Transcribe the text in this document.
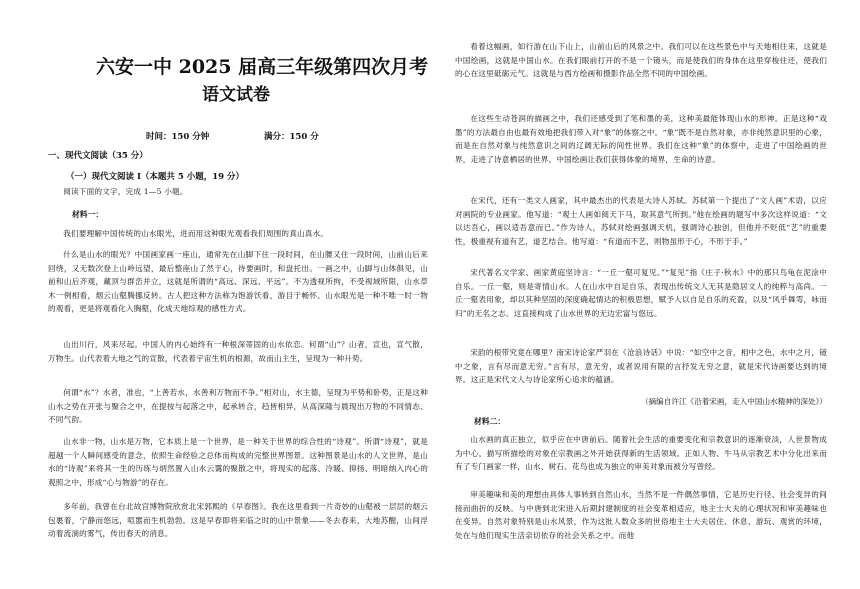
六安一中 2025 届高三年级第四次月考
语文试卷
时间：150 分钟	满分：150 分
一、现代文阅读（35 分）
（一）现代文阅读 Ⅰ（本题共 5 小题，19 分）
阅读下面的文字，完成 1—5 小题。
材料一：
我们要理解中国传统的山水眼光，进而用这种眼光观看我们周围的真山真水。
什么是山水的眼光？中国画家画一座山，通常先在山脚下住一段时间，在山腰又住一段时间，山前山后来回绕，又无数次登上山岭远望，最后整座山了然于心，待要画时，和盘托出。一画之中，山脚与山体俱见，山前和山后齐观，藏顶与群峦并立，这就是所谓的“高远、深远、平远”。不为透视所拘，不受视域所限，山水草木一例相看，烟云山壑腾挪反转。古人把这种方法称为饱游饫看，游目于畅怀。山水眼光是一种不唯一时一物的观看，更是将观看化入胸壑，化成天地综观的感性方式。
山出川行，风来尽起。中国人的内心始终有一种根深蒂固的山水依恋。何谓“山”？山者，宣也，宣气散，万物生。山代表着大地之气的宣散，代表着宇宙生机的根源，故而山主生，呈现为一种升势。
何谓“水”？水者，准也，“上善若水，水善利万物而不争。”相对山，水主德，呈现为平势和卧势，正是这种山水之势在开张与聚合之中，在提按与起落之中，起承转合，趋皆相异，从高深隆与晨现出万物的不同情态、不同气韵。
山水非一物，山水是万物，它本质上是一个世界，是一种关于世界的综合性的“诗观”。所谓“诗观”，就是超越一个人瞬间感受的意念，依照生命经验之总体而构成的完整世界图景。这种图景是山水的人文世界，是山水的“诗观”来将其一生的历练与炳然置入山水云霭的聚散之中，将现实的起落、冷暖、抑扬、明暗纳入内心的观照之中，形成“心与物游”的存在。
多年前，我曾在台北故宫博物院欣赏北宋郭熙的《早春图》。我在这里看到一片奇妙的山壑被一层层的烟云包裹着，宁静而悠远，喧嚣而生机勃勃。这是早春即将来临之时的山中景象——冬去春来，大地苏醒，山间浮动着流淌的雾气，传出春天的消息。
看着这幅画，如行游在山下山上，山前山后的风景之中。我们可以在这些景色中与天地相往来，这就是中国绘画，这就是中国山水。在我们眼前打开的不是一个镜头，而是使我们的身体在这里穿梭往还，使我们的心在这里砥砺元气。这就是与西方绘画和摄影作品全然不同的中国绘画。
在这些生动苍润的描画之中，我们还感受到了笔和墨的美，这种美最能体现山水的形神。正是这种“戏墨”的方法最自由也最有效地把我们带入对“象”的体察之中。“象”既不是自然对象，亦非纯然意识里的心象，而是在自然对象与纯然意识之间的辽阔无际的间性世界。我们在这种“象”的体察中，走进了中国绘画的世界，走进了诗意栖居的世界。中国绘画让我们获得体象的境界，生命的诗意。
在宋代，还有一类文人画家，其中最杰出的代表是大诗人苏轼。苏轼第一个提出了“文人画”术语，以应对画院的专业画家。他写道：“观士人画如阅天下马，取其意气所到。”他在绘画的题写中多次这样说道：“文以达吾心，画以适吾意而已。”作为诗人，苏轼对绘画强调天机，强调诗心独创，但他并不贬低“艺”的重要性，极重视有道有艺，道艺结合。他写道：“有道而不艺，则物虽形于心，不形于手。”
宋代著名文学家、画家黄庭坚诗言：“一丘一壑可复见。”“复见”指《庄子·秋水》中的那只鸟龟在泥涂中自乐。一丘一壑，则是寄情山水。人在山水中自足自乐，表现出传统文人无其是隐居文人的纯粹与高尚。一丘一壑表用象，却以其种坚固的深度确起情达的积极思想，赋予人以自足自乐的充盈，以及“风乎舞雩，咏而归”的无名之志。这直接构成了山水世界的无边宏富与悠远。
宋韵的根带究竟在哪里？南宋诗论家严羽在《沧浪诗话》中说：“如空中之音，相中之色，水中之月，镜中之象，言有尽而意无穷。”言有尽，意无穷，或者说用有限的言抒发无穷之意，就是宋代诗画要达到的境界。这正是宋代文人与诗论家所心追求的蕴涵。
（摘编自许江《沿着宋画，走入中国山水精神的深处》）
材料二：
山水画的真正独立，似乎应在中唐前后。随着社会生活的重要变化和宗教意识的逐渐衰淡，人世景物成为中心，描写所描绘的对象在宗教画之外开始获得新的生活领域。正如人物、牛马从宗教艺术中分化出来而有了专门画家一样，山水、树石、花鸟也成为独立的审美对象而被分写曾经。
审美趣味和美的理想由具体人事转到自然山水，当然不是一件偶然事情，它是历史行径、社会变异的间接而曲折的反映。与中唐到北宋进入后期封建制度的社会变革相适应，地主士大夫的心理状况和审美趣味也在变异。自然对象特别是山水风景，作为这批人数众多的世俗地主士大夫居住、休息、游玩、观赏的环境，处在与他们现实生活亲切依存的社会关系之中。而他
